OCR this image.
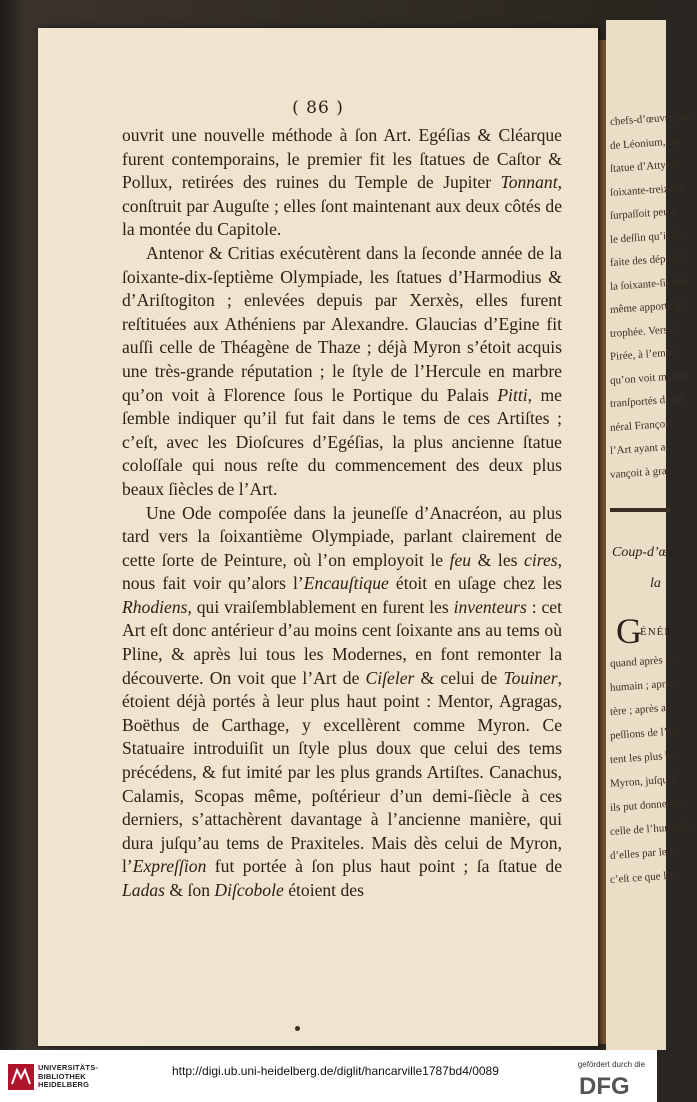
( 86 )

ouvrit une nouvelle méthode à ſon Art. Egéſias & Cléarque furent contemporains, le premier fit les ſtatues de Caſtor & Pollux, retirées des ruines du Temple de Jupiter Tonnant, conſtruit par Auguſte ; elles ſont maintenant aux deux côtés de la montée du Capitole.

Antenor & Critias exécutèrent dans la ſeconde année de la ſoixante-dix-ſeptième Olympiade, les ſtatues d’Harmodius & d’Ariſtogiton ; enlevées depuis par Xerxès, elles furent reſtituées aux Athéniens par Alexandre. Glaucias d’Egine fit auſſi celle de Théagène de Thaze ; déjà Myron s’étoit acquis une très-grande réputation ; le ſtyle de l’Hercule en marbre qu’on voit à Florence ſous le Portique du Palais Pitti, me ſemble indiquer qu’il fut fait dans le tems de ces Artiſtes ; c’eſt, avec les Dioſcures d’Egéſias, la plus ancienne ſtatue coloſſale qui nous reſte du commencement des deux plus beaux ſiècles de l’Art.

Une Ode compoſée dans la jeuneſſe d’Anacréon, au plus tard vers la ſoixantième Olympiade, parlant clairement de cette ſorte de Peinture, où l’on employoit le feu & les cires, nous fait voir qu’alors l’Encauſtique étoit en uſage chez les Rhodiens, qui vraiſemblablement en furent les inventeurs : cet Art eſt donc antérieur d’au moins cent ſoixante ans au tems où Pline, & après lui tous les Modernes, en font remonter la découverte. On voit que l’Art de Ciſeler & celui de Touiner, étoient déjà portés à leur plus haut point : Mentor, Agragas, Boëthus de Carthage, y excellèrent comme Myron. Ce Statuaire introduiſit un ſtyle plus doux que celui des tems précédens, & fut imité par les plus grands Artiſtes. Canachus, Calamis, Scopas même, poſtérieur d’un demi-ſiècle à ces derniers, s’attachèrent davantage à l’ancienne manière, qui dura juſqu’au tems de Praxiteles. Mais dès celui de Myron, l’Expreſſion fut portée à ſon plus haut point ; ſa ſtatue de Ladas & ſon Diſcobole étoient des

chefs-d’œuvres en
de Léonium, qu
ſtatue d’Attylus
ſoixante-treizièm
ſurpaſſoit peu a
le deſſin qu’il do
faite des dépouill
la ſoixante-ſixièm
même apporté pa
trophée. Vers ce
Pirée, à l’embo
qu’on voit mainte
tranſportés d’Ath
néral François
l’Art ayant ac
vançoit à gran
Coup-d’œil ſu
la
G
ÉNÉRALE
quand après av
humain ; après
tère ; après av
peſſions de l’am
tent les plus be
Myron, juſqu’à
ils put donner au
celle de l’humanit
d’elles par le fe
c’eſt ce que l’hi
UNIVERSITÄTS-
BIBLIOTHEK
HEIDELBERG
http://digi.ub.uni-heidelberg.de/diglit/hancarville1787bd4/0089	gefördert durch die
DFG
